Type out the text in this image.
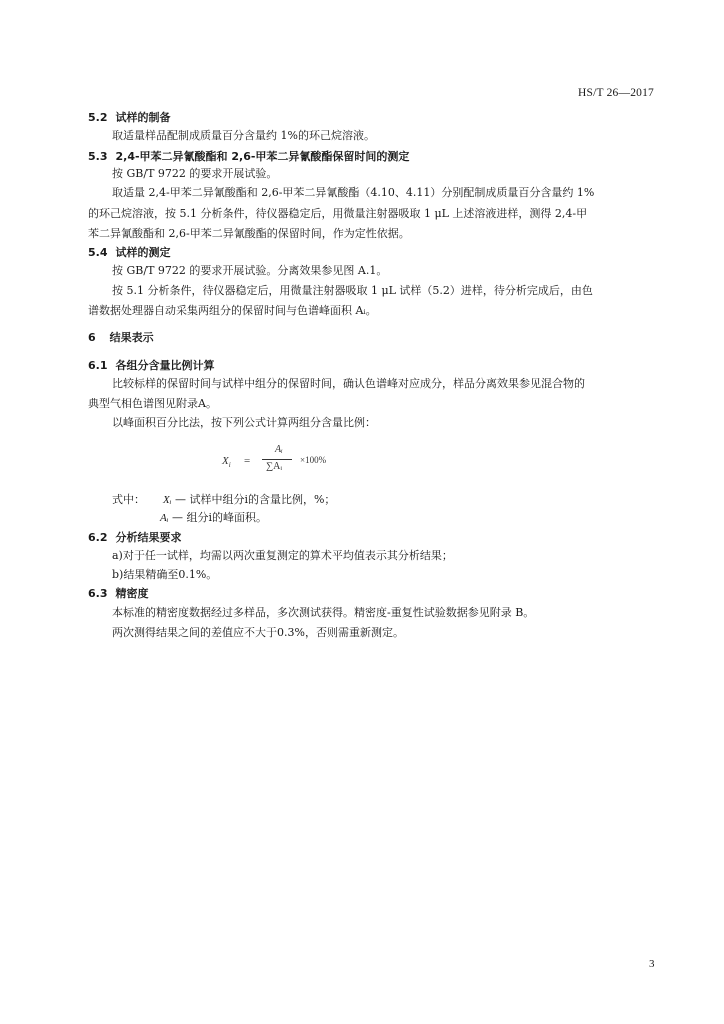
HS/T 26—2017
5.2 试样的制备
取适量样品配制成质量百分含量约 1%的环己烷溶液。
5.3 2,4-甲苯二异氰酸酯和 2,6-甲苯二异氰酸酯保留时间的测定
按 GB/T 9722 的要求开展试验。
取适量 2,4-甲苯二异氰酸酯和 2,6-甲苯二异氰酸酯（4.10、4.11）分别配制成质量百分含量约 1%
的环己烷溶液，按 5.1 分析条件，待仪器稳定后，用微量注射器吸取 1 μL 上述溶液进样，测得 2,4-甲
苯二异氰酸酯和 2,6-甲苯二异氰酸酯的保留时间，作为定性依据。
5.4 试样的测定
按 GB/T 9722 的要求开展试验。分离效果参见图 A.1。
按 5.1 分析条件，待仪器稳定后，用微量注射器吸取 1 μL 试样（5.2）进样，待分析完成后，由色
谱数据处理器自动采集两组分的保留时间与色谱峰面积 Aᵢ。
6 结果表示
6.1 各组分含量比例计算
比较标样的保留时间与试样中组分的保留时间，确认色谱峰对应成分，样品分离效果参见混合物的
典型气相色谱图见附录A。
以峰面积百分比法，按下列公式计算两组分含量比例：
$X_i$ =
Aᵢ
∑Aᵢ
×100%
式中： Xᵢ — 试样中组分i的含量比例，%；
Aᵢ — 组分i的峰面积。
6.2 分析结果要求
a)对于任一试样，均需以两次重复测定的算术平均值表示其分析结果；
b)结果精确至0.1%。
6.3 精密度
本标准的精密度数据经过多样品，多次测试获得。精密度-重复性试验数据参见附录 B。
两次测得结果之间的差值应不大于0.3%，否则需重新测定。
3
